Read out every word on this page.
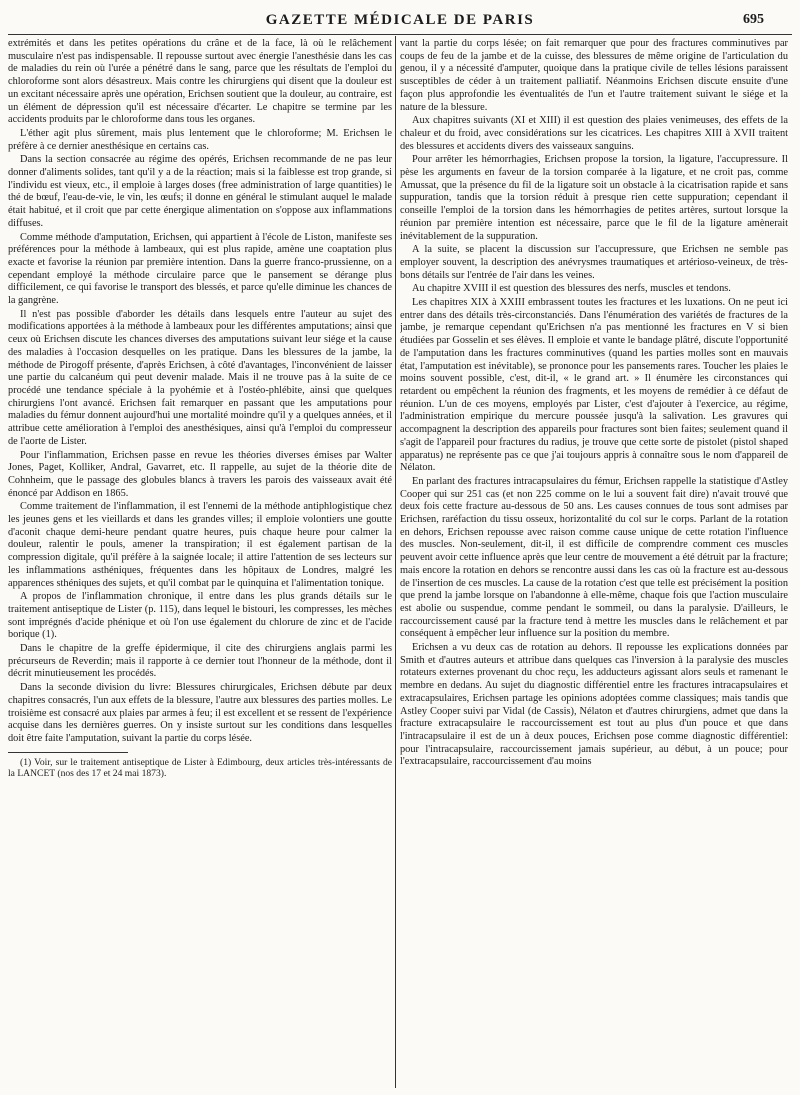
GAZETTE MÉDICALE DE PARIS	695

extrémités et dans les petites opérations du crâne et de la face, là où le relâchement musculaire n'est pas indispensable. Il repousse surtout avec énergie l'anesthésie dans les cas de maladies du rein où l'urée a pénétré dans le sang, parce que les résultats de l'emploi du chloroforme sont alors désastreux. Mais contre les chirurgiens qui disent que la douleur est un excitant nécessaire après une opération, Erichsen soutient que la douleur, au contraire, est un élément de dépression qu'il est nécessaire d'écarter. Le chapitre se termine par les accidents produits par le chloroforme dans tous les organes.

L'éther agit plus sûrement, mais plus lentement que le chloroforme; M. Erichsen le préfère à ce dernier anesthésique en certains cas.

Dans la section consacrée au régime des opérés, Erichsen recommande de ne pas leur donner d'aliments solides, tant qu'il y a de la réaction; mais si la faiblesse est trop grande, si l'individu est vieux, etc., il emploie à larges doses (free administration of large quantities) le thé de bœuf, l'eau-de-vie, le vin, les œufs; il donne en général le stimulant auquel le malade était habitué, et il croit que par cette énergique alimentation on s'oppose aux inflammations diffuses.

Comme méthode d'amputation, Erichsen, qui appartient à l'école de Liston, manifeste ses préférences pour la méthode à lambeaux, qui est plus rapide, amène une coaptation plus exacte et favorise la réunion par première intention. Dans la guerre franco-prussienne, on a cependant employé la méthode circulaire parce que le pansement se dérange plus difficilement, ce qui favorise le transport des blessés, et parce qu'elle diminue les chances de la gangrène.

Il n'est pas possible d'aborder les détails dans lesquels entre l'auteur au sujet des modifications apportées à la méthode à lambeaux pour les différentes amputations; ainsi que ceux où Erichsen discute les chances diverses des amputations suivant leur siége et la cause des maladies à l'occasion desquelles on les pratique. Dans les blessures de la jambe, la méthode de Pirogoff présente, d'après Erichsen, à côté d'avantages, l'inconvénient de laisser une partie du calcanéum qui peut devenir malade. Mais il ne trouve pas à la suite de ce procédé une tendance spéciale à la pyohémie et à l'ostéo-phlébite, ainsi que quelques chirurgiens l'ont avancé. Erichsen fait remarquer en passant que les amputations pour maladies du fémur donnent aujourd'hui une mortalité moindre qu'il y a quelques années, et il attribue cette amélioration à l'emploi des anesthésiques, ainsi qu'à l'emploi du compresseur de l'aorte de Lister.

Pour l'inflammation, Erichsen passe en revue les théories diverses émises par Walter Jones, Paget, Kolliker, Andral, Gavarret, etc. Il rappelle, au sujet de la théorie dite de Cohnheim, que le passage des globules blancs à travers les parois des vaisseaux avait été énoncé par Addison en 1865.

Comme traitement de l'inflammation, il est l'ennemi de la méthode antiphlogistique chez les jeunes gens et les vieillards et dans les grandes villes; il emploie volontiers une goutte d'aconit chaque demi-heure pendant quatre heures, puis chaque heure pour calmer la douleur, ralentir le pouls, amener la transpiration; il est également partisan de la compression digitale, qu'il préfère à la saignée locale; il attire l'attention de ses lecteurs sur les inflammations asthéniques, fréquentes dans les hôpitaux de Londres, malgré les apparences sthéniques des sujets, et qu'il combat par le quinquina et l'alimentation tonique.

A propos de l'inflammation chronique, il entre dans les plus grands détails sur le traitement antiseptique de Lister (p. 115), dans lequel le bistouri, les compresses, les mèches sont imprégnés d'acide phénique et où l'on use également du chlorure de zinc et de l'acide borique (1).

Dans le chapitre de la greffe épidermique, il cite des chirurgiens anglais parmi les précurseurs de Reverdin; mais il rapporte à ce dernier tout l'honneur de la méthode, dont il décrit minutieusement les procédés.

Dans la seconde division du livre: Blessures chirurgicales, Erichsen débute par deux chapitres consacrés, l'un aux effets de la blessure, l'autre aux blessures des parties molles. Le troisième est consacré aux plaies par armes à feu; il est excellent et se ressent de l'expérience acquise dans les dernières guerres. On y insiste surtout sur les conditions dans lesquelles doit être faite l'amputation, suivant la partie du corps lésée.

(1) Voir, sur le traitement antiseptique de Lister à Edimbourg, deux articles très-intéressants de la LANCET (nos des 17 et 24 mai 1873).

vant la partie du corps lésée; on fait remarquer que pour des fractures comminutives par coups de feu de la jambe et de la cuisse, des blessures de même origine de l'articulation du genou, il y a nécessité d'amputer, quoique dans la pratique civile de telles lésions paraissent susceptibles de céder à un traitement palliatif. Néanmoins Erichsen discute ensuite d'une façon plus approfondie les éventualités de l'un et l'autre traitement suivant le siége et la nature de la blessure.

Aux chapitres suivants (XI et XIII) il est question des plaies venimeuses, des effets de la chaleur et du froid, avec considérations sur les cicatrices. Les chapitres XIII à XVII traitent des blessures et accidents divers des vaisseaux sanguins.

Pour arrêter les hémorrhagies, Erichsen propose la torsion, la ligature, l'accupressure. Il pèse les arguments en faveur de la torsion comparée à la ligature, et ne croit pas, comme Amussat, que la présence du fil de la ligature soit un obstacle à la cicatrisation rapide et sans suppuration, tandis que la torsion réduit à presque rien cette suppuration; cependant il conseille l'emploi de la torsion dans les hémorrhagies de petites artères, surtout lorsque la réunion par première intention est nécessaire, parce que le fil de la ligature amènerait inévitablement de la suppuration.

A la suite, se placent la discussion sur l'accupressure, que Erichsen ne semble pas employer souvent, la description des anévrysmes traumatiques et artérioso-veineux, de très-bons détails sur l'entrée de l'air dans les veines.

Au chapitre XVIII il est question des blessures des nerfs, muscles et tendons.

Les chapitres XIX à XXIII embrassent toutes les fractures et les luxations. On ne peut ici entrer dans des détails très-circonstanciés. Dans l'énumération des variétés de fractures de la jambe, je remarque cependant qu'Erichsen n'a pas mentionné les fractures en V si bien étudiées par Gosselin et ses élèves. Il emploie et vante le bandage plâtré, discute l'opportunité de l'amputation dans les fractures comminutives (quand les parties molles sont en mauvais état, l'amputation est inévitable), se prononce pour les pansements rares. Toucher les plaies le moins souvent possible, c'est, dit-il, « le grand art. » Il énumère les circonstances qui retardent ou empêchent la réunion des fragments, et les moyens de remédier à ce défaut de réunion. L'un de ces moyens, employés par Lister, c'est d'ajouter à l'exercice, au régime, l'administration empirique du mercure poussée jusqu'à la salivation. Les gravures qui accompagnent la description des appareils pour fractures sont bien faites; seulement quand il s'agit de l'appareil pour fractures du radius, je trouve que cette sorte de pistolet (pistol shaped apparatus) ne représente pas ce que j'ai toujours appris à connaître sous le nom d'appareil de Nélaton.

En parlant des fractures intracapsulaires du fémur, Erichsen rappelle la statistique d'Astley Cooper qui sur 251 cas (et non 225 comme on le lui a souvent fait dire) n'avait trouvé que deux fois cette fracture au-dessous de 50 ans. Les causes connues de tous sont admises par Erichsen, raréfaction du tissu osseux, horizontalité du col sur le corps. Parlant de la rotation en dehors, Erichsen repousse avec raison comme cause unique de cette rotation l'influence des muscles. Non-seulement, dit-il, il est difficile de comprendre comment ces muscles peuvent avoir cette influence après que leur centre de mouvement a été détruit par la fracture; mais encore la rotation en dehors se rencontre aussi dans les cas où la fracture est au-dessous de l'insertion de ces muscles. La cause de la rotation c'est que telle est précisément la position que prend la jambe lorsque on l'abandonne à elle-même, chaque fois que l'action musculaire est abolie ou suspendue, comme pendant le sommeil, ou dans la paralysie. D'ailleurs, le raccourcissement causé par la fracture tend à mettre les muscles dans le relâchement et par conséquent à empêcher leur influence sur la position du membre.

Erichsen a vu deux cas de rotation au dehors. Il repousse les explications données par Smith et d'autres auteurs et attribue dans quelques cas l'inversion à la paralysie des muscles rotateurs externes provenant du choc reçu, les adducteurs agissant alors seuls et ramenant le membre en dedans. Au sujet du diagnostic différentiel entre les fractures intracapsulaires et extracapsulaires, Erichsen partage les opinions adoptées comme classiques; mais tandis que Astley Cooper suivi par Vidal (de Cassis), Nélaton et d'autres chirurgiens, admet que dans la fracture extracapsulaire le raccourcissement est tout au plus d'un pouce et que dans l'intracapsulaire il est de un à deux pouces, Erichsen pose comme diagnostic différentiel: pour l'intracapsulaire, raccourcissement jamais supérieur, au début, à un pouce; pour l'extracapsulaire, raccourcissement d'au moins
